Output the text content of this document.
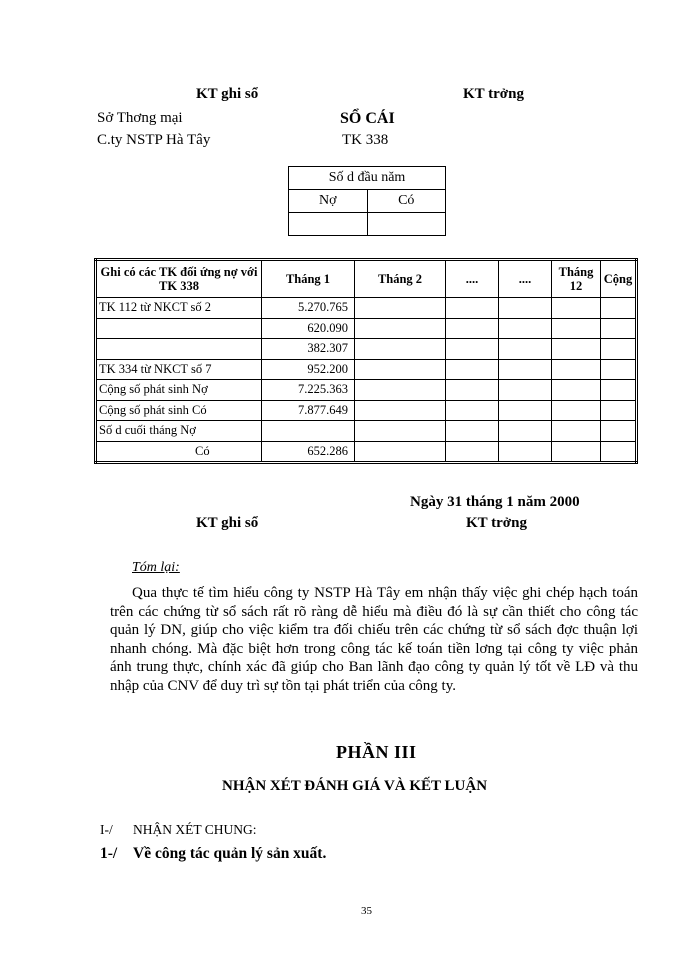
KT ghi sổ	KT trởng
Sở Thơng mại
C.ty NSTP Hà Tây
SỔ CÁI
TK 338
Số d đầu năm	
Nợ	Có

Ghi có các TK đối ứng nợ với TK 338	Tháng 1	Tháng 2	....	....	Tháng 12	Cộng
TK 112 từ NKCT số 2	5.270.765					
	620.090					
	382.307					
TK 334 từ NKCT số 7	952.200					
Cộng số phát sinh Nợ	7.225.363					
Cộng số phát sinh Có	7.877.649					
Số d cuối tháng Nợ						
Có	652.286					
Ngày 31 tháng 1 năm 2000
KT ghi sổ	KT trởng
Tóm lại:
Qua thực tế tìm hiểu công ty NSTP Hà Tây em nhận thấy việc ghi chép hạch toán trên các chứng từ sổ sách rất rõ ràng dễ hiểu mà điều đó là sự cần thiết cho công tác quản lý DN, giúp cho việc kiểm tra đối chiếu trên các chứng từ sổ sách đợc thuận lợi nhanh chóng. Mà đặc biệt hơn trong công tác kế toán tiền lơng tại công ty việc phản ánh trung thực, chính xác đã giúp cho Ban lãnh đạo công ty quản lý tốt về LĐ và thu nhập của CNV để duy trì sự tồn tại phát triển của công ty.
PHẦN III
NHẬN XÉT ĐÁNH GIÁ VÀ KẾT LUẬN
I-/ NHẬN XÉT CHUNG:
1-/ Về công tác quản lý sản xuất.
35
